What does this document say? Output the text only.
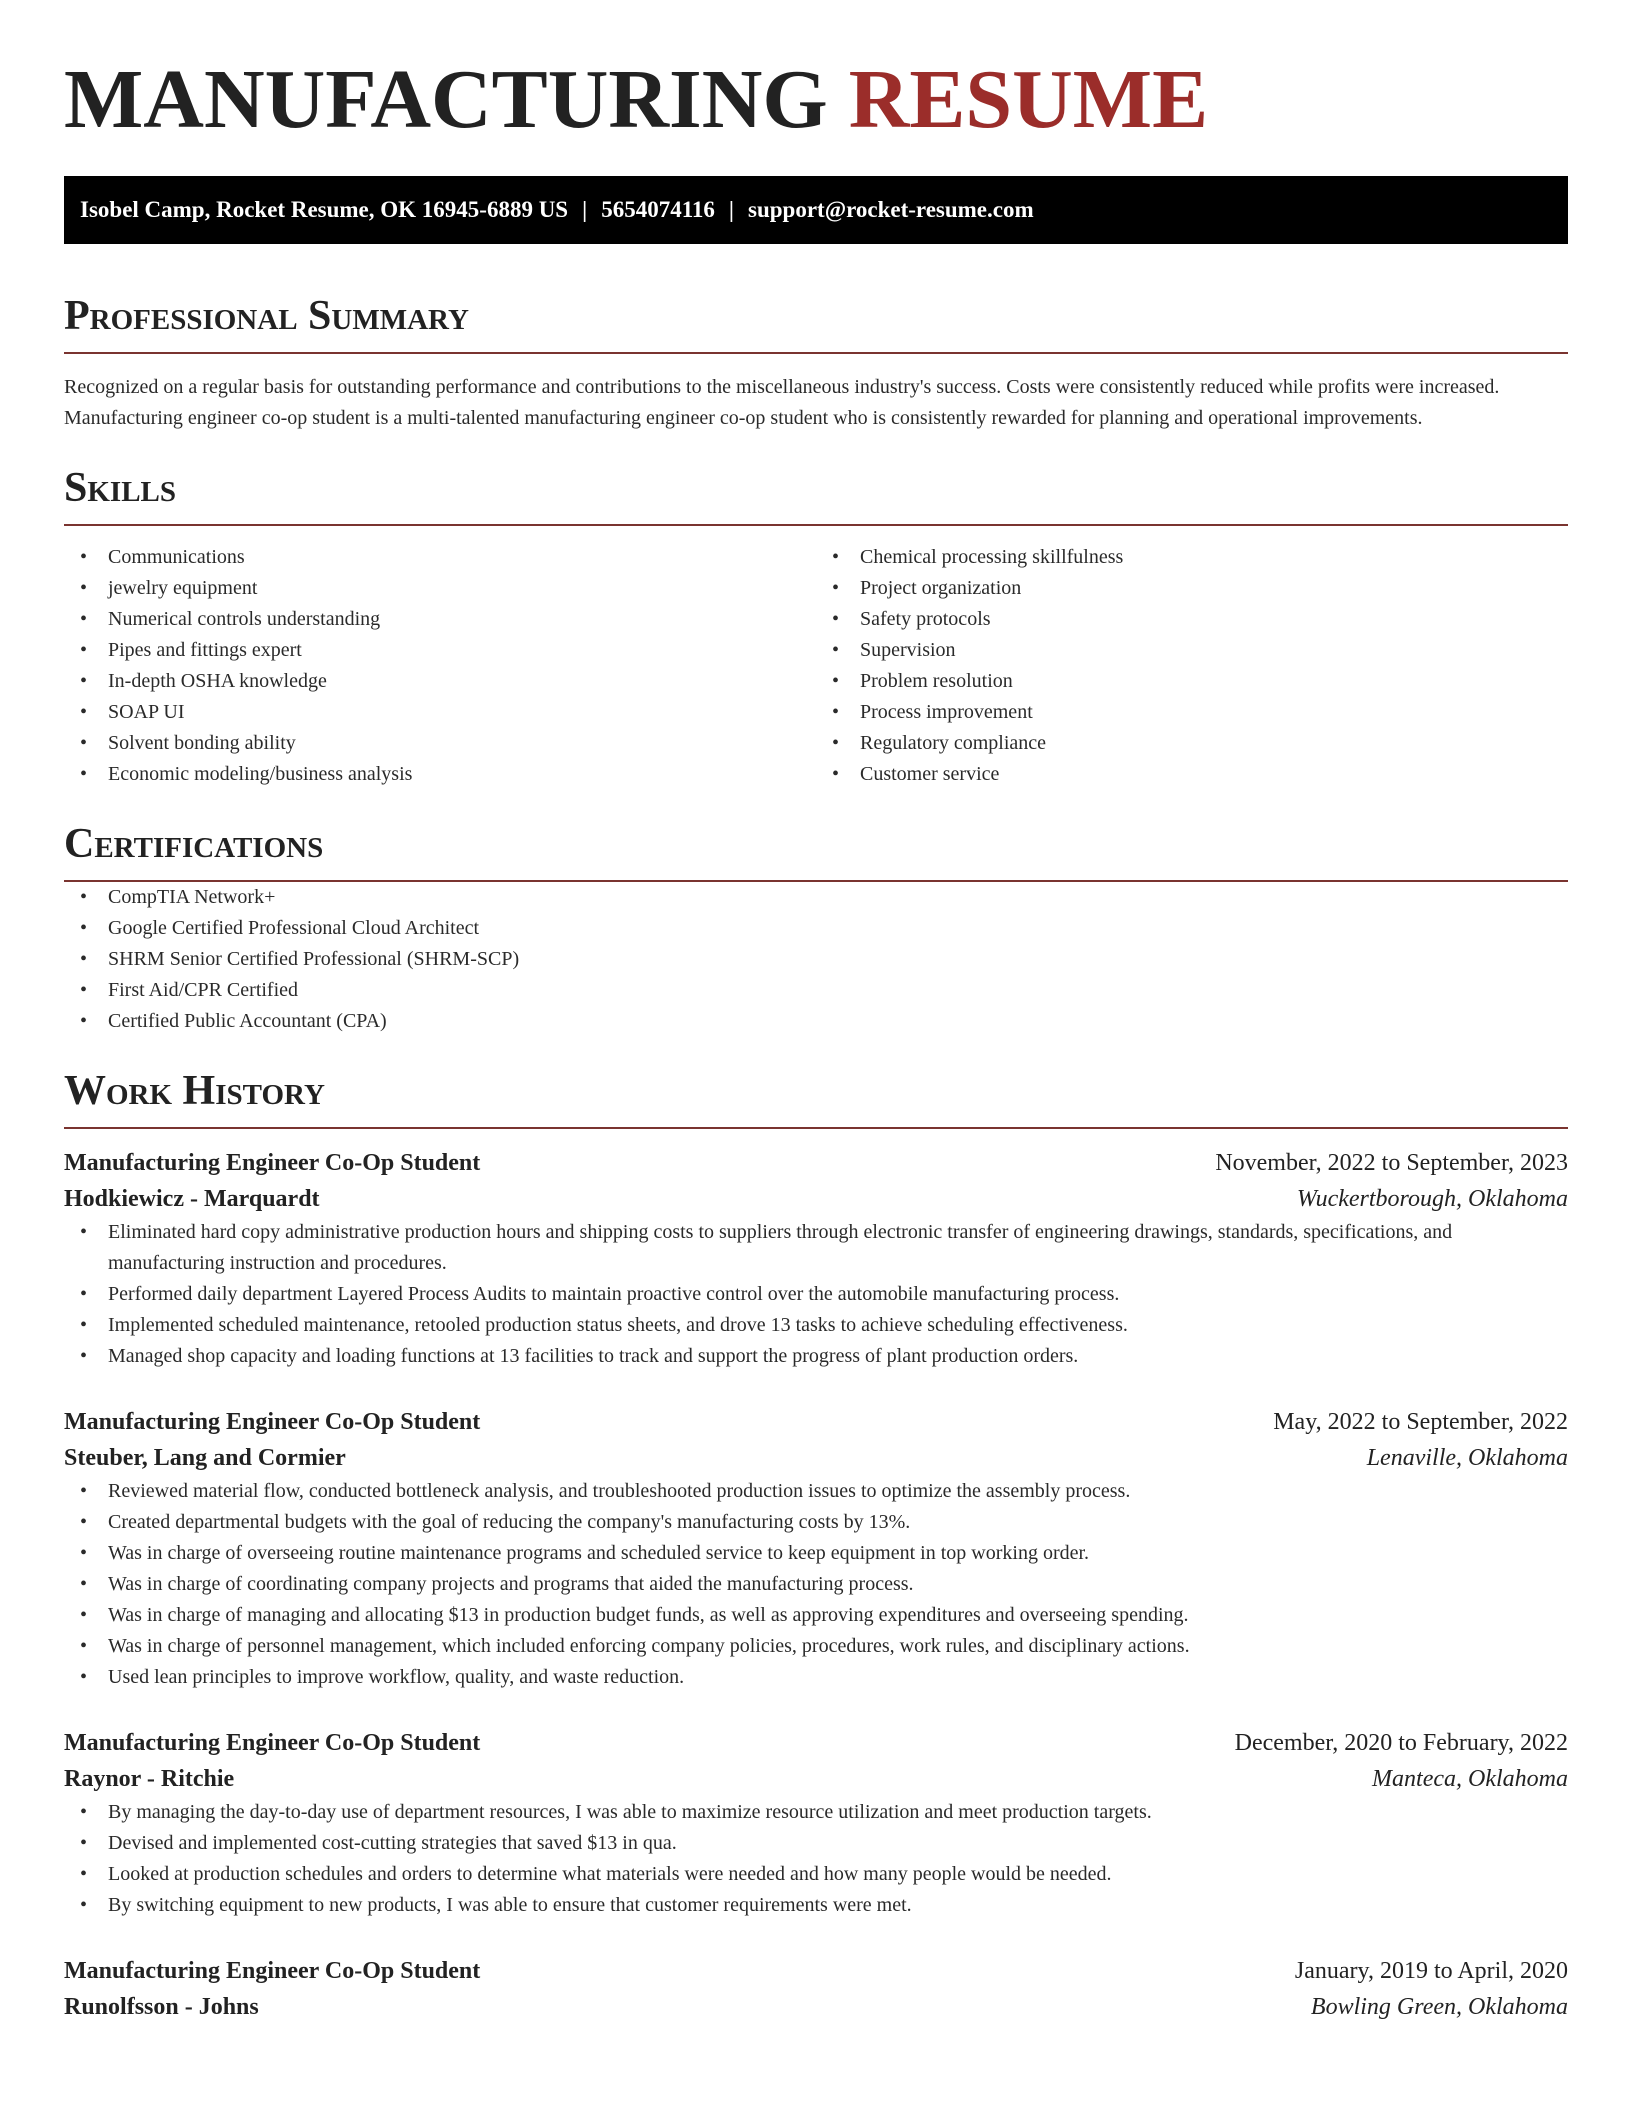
MANUFACTURING RESUME
Isobel Camp, Rocket Resume, OK 16945-6889 US | 5654074116 | support@rocket-resume.com
Professional Summary

Recognized on a regular basis for outstanding performance and contributions to the miscellaneous industry's success. Costs were consistently reduced while profits were increased. Manufacturing engineer co-op student is a multi-talented manufacturing engineer co-op student who is consistently rewarded for planning and operational improvements.

Skills
• Communications
• jewelry equipment
• Numerical controls understanding
• Pipes and fittings expert
• In-depth OSHA knowledge
• SOAP UI
• Solvent bonding ability
• Economic modeling/business analysis
• Chemical processing skillfulness
• Project organization
• Safety protocols
• Supervision
• Problem resolution
• Process improvement
• Regulatory compliance
• Customer service
Certifications
• CompTIA Network+
• Google Certified Professional Cloud Architect
• SHRM Senior Certified Professional (SHRM-SCP)
• First Aid/CPR Certified
• Certified Public Accountant (CPA)
Work History
Manufacturing Engineer Co-Op Student	November, 2022 to September, 2023
Hodkiewicz - Marquardt	Wuckertborough, Oklahoma
• Eliminated hard copy administrative production hours and shipping costs to suppliers through electronic transfer of engineering drawings, standards, specifications, and manufacturing instruction and procedures.
• Performed daily department Layered Process Audits to maintain proactive control over the automobile manufacturing process.
• Implemented scheduled maintenance, retooled production status sheets, and drove 13 tasks to achieve scheduling effectiveness.
• Managed shop capacity and loading functions at 13 facilities to track and support the progress of plant production orders.
Manufacturing Engineer Co-Op Student	May, 2022 to September, 2022
Steuber, Lang and Cormier	Lenaville, Oklahoma
• Reviewed material flow, conducted bottleneck analysis, and troubleshooted production issues to optimize the assembly process.
• Created departmental budgets with the goal of reducing the company's manufacturing costs by 13%.
• Was in charge of overseeing routine maintenance programs and scheduled service to keep equipment in top working order.
• Was in charge of coordinating company projects and programs that aided the manufacturing process.
• Was in charge of managing and allocating $13 in production budget funds, as well as approving expenditures and overseeing spending.
• Was in charge of personnel management, which included enforcing company policies, procedures, work rules, and disciplinary actions.
• Used lean principles to improve workflow, quality, and waste reduction.
Manufacturing Engineer Co-Op Student	December, 2020 to February, 2022
Raynor - Ritchie	Manteca, Oklahoma
• By managing the day-to-day use of department resources, I was able to maximize resource utilization and meet production targets.
• Devised and implemented cost-cutting strategies that saved $13 in qua.
• Looked at production schedules and orders to determine what materials were needed and how many people would be needed.
• By switching equipment to new products, I was able to ensure that customer requirements were met.
Manufacturing Engineer Co-Op Student	January, 2019 to April, 2020
Runolfsson - Johns	Bowling Green, Oklahoma
